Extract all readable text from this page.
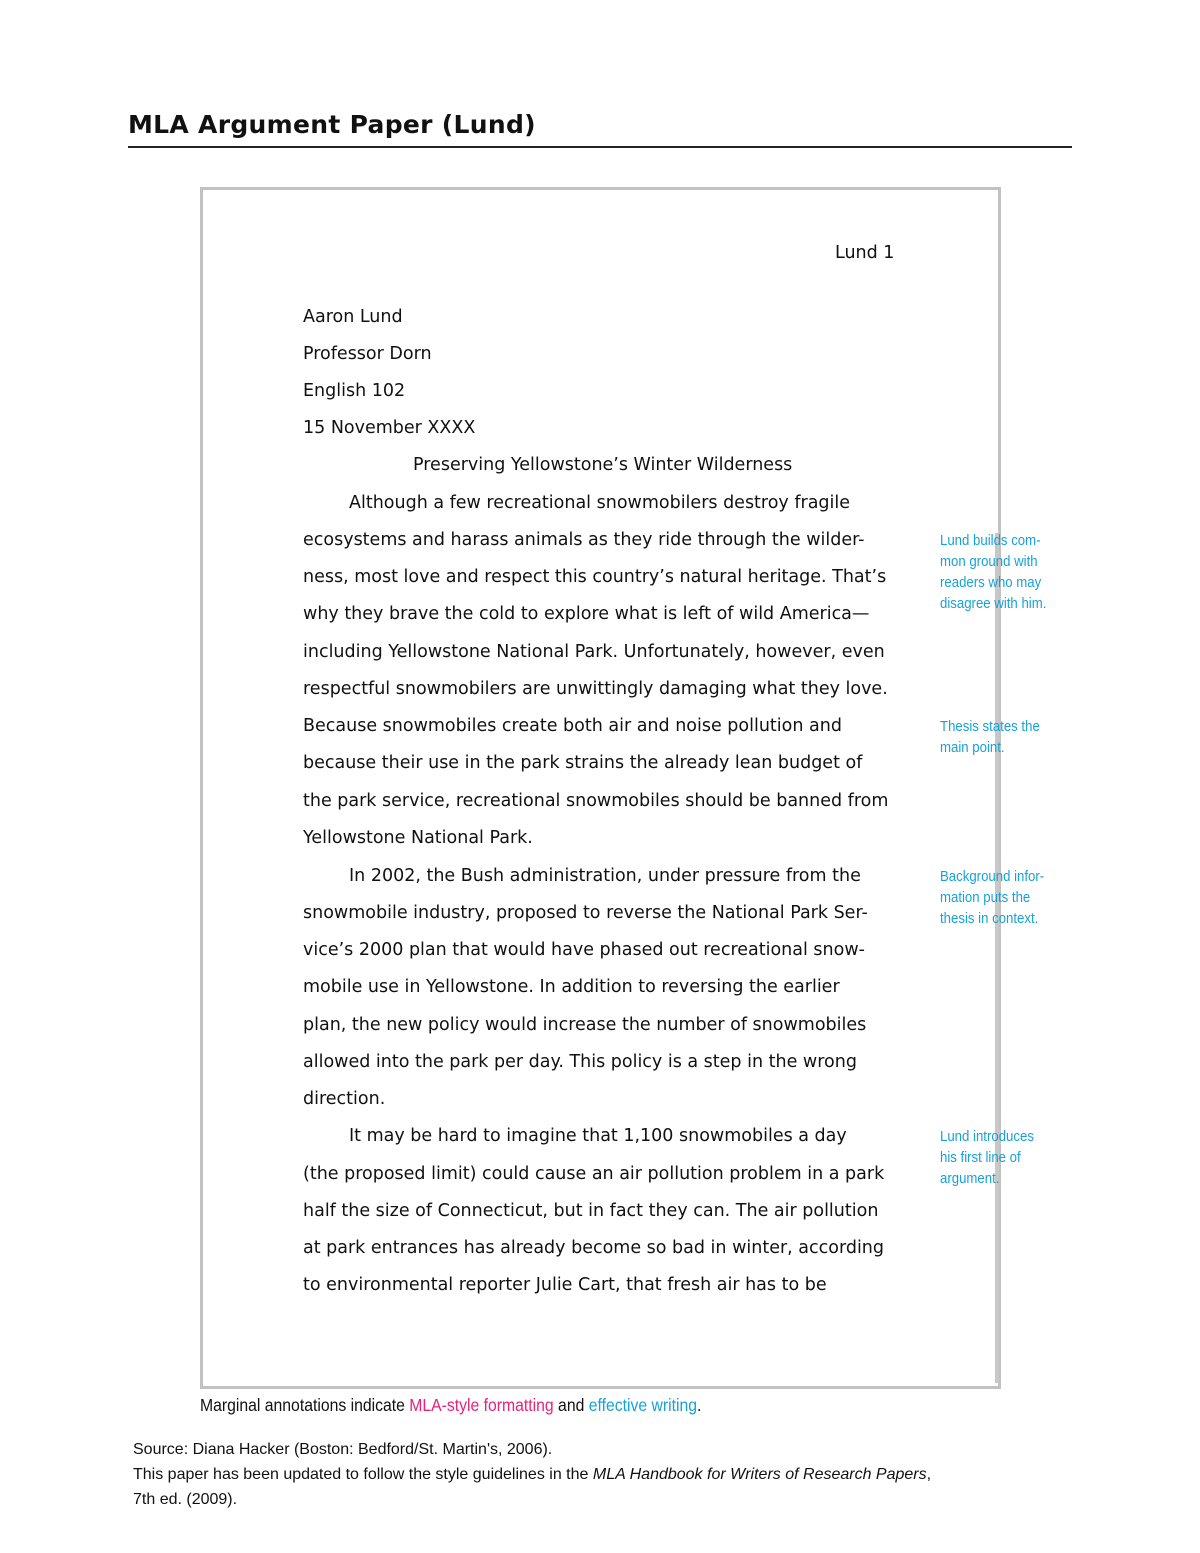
MLA Argument Paper (Lund)
Lund 1
Aaron Lund
Professor Dorn
English 102
15 November XXXX
Preserving Yellowstone’s Winter Wilderness
Although a few recreational snowmobilers destroy fragile
ecosystems and harass animals as they ride through the wilder-
ness, most love and respect this country’s natural heritage. That’s
why they brave the cold to explore what is left of wild America—
including Yellowstone National Park. Unfortunately, however, even
respectful snowmobilers are unwittingly damaging what they love.
Because snowmobiles create both air and noise pollution and
because their use in the park strains the already lean budget of
the park service, recreational snowmobiles should be banned from
Yellowstone National Park.
In 2002, the Bush administration, under pressure from the
snowmobile industry, proposed to reverse the National Park Ser-
vice’s 2000 plan that would have phased out recreational snow-
mobile use in Yellowstone. In addition to reversing the earlier
plan, the new policy would increase the number of snowmobiles
allowed into the park per day. This policy is a step in the wrong
direction.
It may be hard to imagine that 1,100 snowmobiles a day
(the proposed limit) could cause an air pollution problem in a park
half the size of Connecticut, but in fact they can. The air pollution
at park entrances has already become so bad in winter, according
to environmental reporter Julie Cart, that fresh air has to be
Lund builds com-
mon ground with
readers who may
disagree with him.
Thesis states the
main point.
Background infor-
mation puts the
thesis in context.
Lund introduces
his first line of
argument.
Marginal annotations indicate MLA-style formatting and effective writing.
Source: Diana Hacker (Boston: Bedford/St. Martin's, 2006).
This paper has been updated to follow the style guidelines in the MLA Handbook for Writers of Research Papers,
7th ed. (2009).
